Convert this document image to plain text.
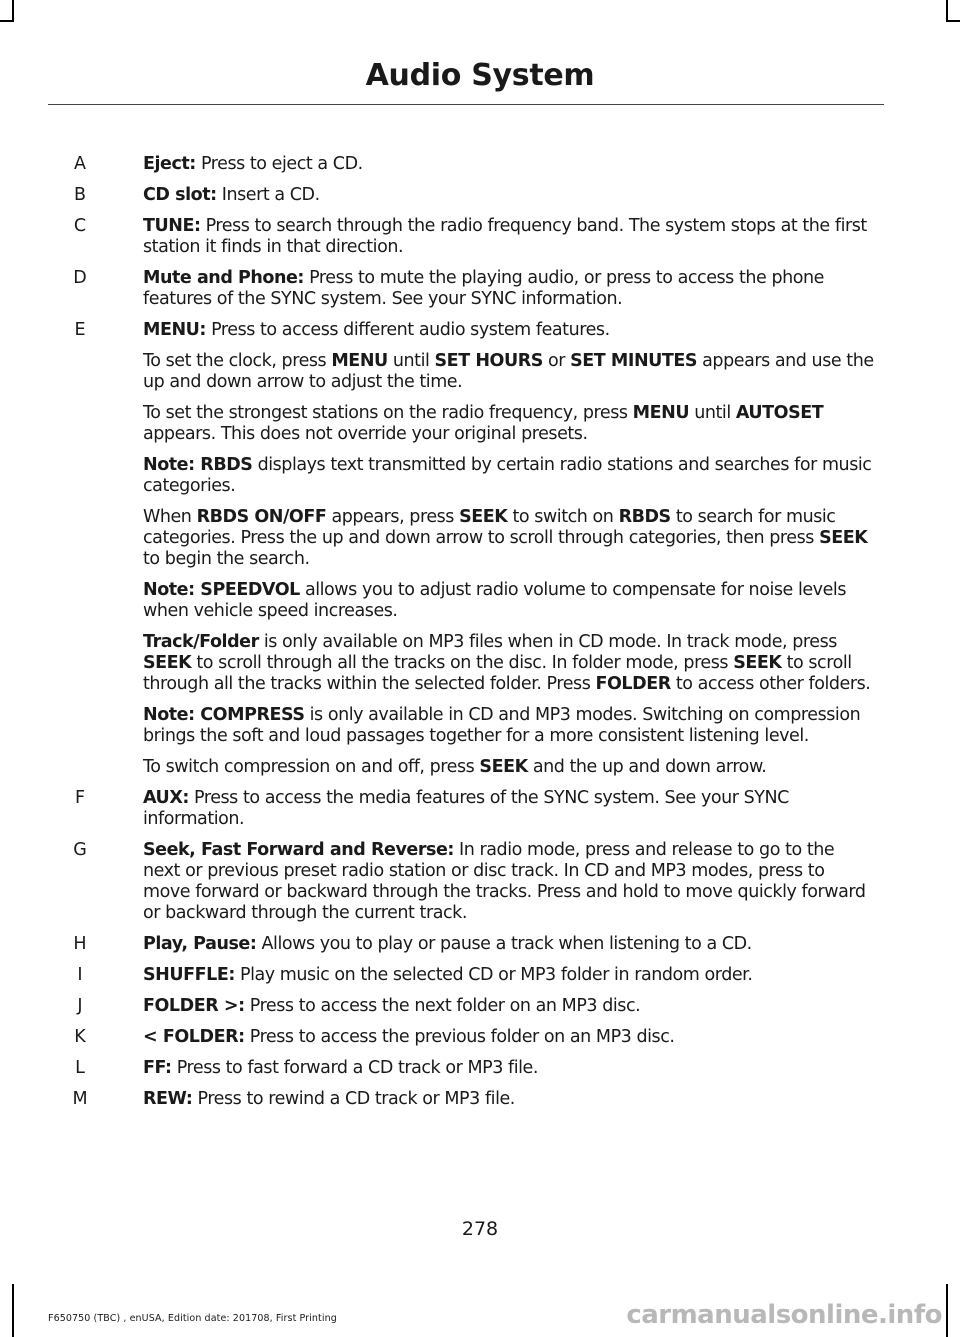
Audio System
A	Eject: Press to eject a CD.
B	CD slot: Insert a CD.
C	TUNE: Press to search through the radio frequency band. The system stops at the first station it finds in that direction.
D	Mute and Phone: Press to mute the playing audio, or press to access the phone features of the SYNC system. See your SYNC information.
E	MENU: Press to access different audio system features.
To set the clock, press MENU until SET HOURS or SET MINUTES appears and use the up and down arrow to adjust the time.
To set the strongest stations on the radio frequency, press MENU until AUTOSET appears. This does not override your original presets.
Note: RBDS displays text transmitted by certain radio stations and searches for music categories.
When RBDS ON/OFF appears, press SEEK to switch on RBDS to search for music categories. Press the up and down arrow to scroll through categories, then press SEEK to begin the search.
Note: SPEEDVOL allows you to adjust radio volume to compensate for noise levels when vehicle speed increases.
Track/Folder is only available on MP3 files when in CD mode. In track mode, press SEEK to scroll through all the tracks on the disc. In folder mode, press SEEK to scroll through all the tracks within the selected folder. Press FOLDER to access other folders.
Note: COMPRESS is only available in CD and MP3 modes. Switching on compression brings the soft and loud passages together for a more consistent listening level.
To switch compression on and off, press SEEK and the up and down arrow.
F	AUX: Press to access the media features of the SYNC system. See your SYNC information.
G	Seek, Fast Forward and Reverse: In radio mode, press and release to go to the next or previous preset radio station or disc track. In CD and MP3 modes, press to move forward or backward through the tracks. Press and hold to move quickly forward or backward through the current track.
H	Play, Pause: Allows you to play or pause a track when listening to a CD.
I	SHUFFLE: Play music on the selected CD or MP3 folder in random order.
J	FOLDER >: Press to access the next folder on an MP3 disc.
K	< FOLDER: Press to access the previous folder on an MP3 disc.
L	FF: Press to fast forward a CD track or MP3 file.
M	REW: Press to rewind a CD track or MP3 file.
278
F650750 (TBC) , enUSA, Edition date: 201708, First Printing	carmanualsonline.info
